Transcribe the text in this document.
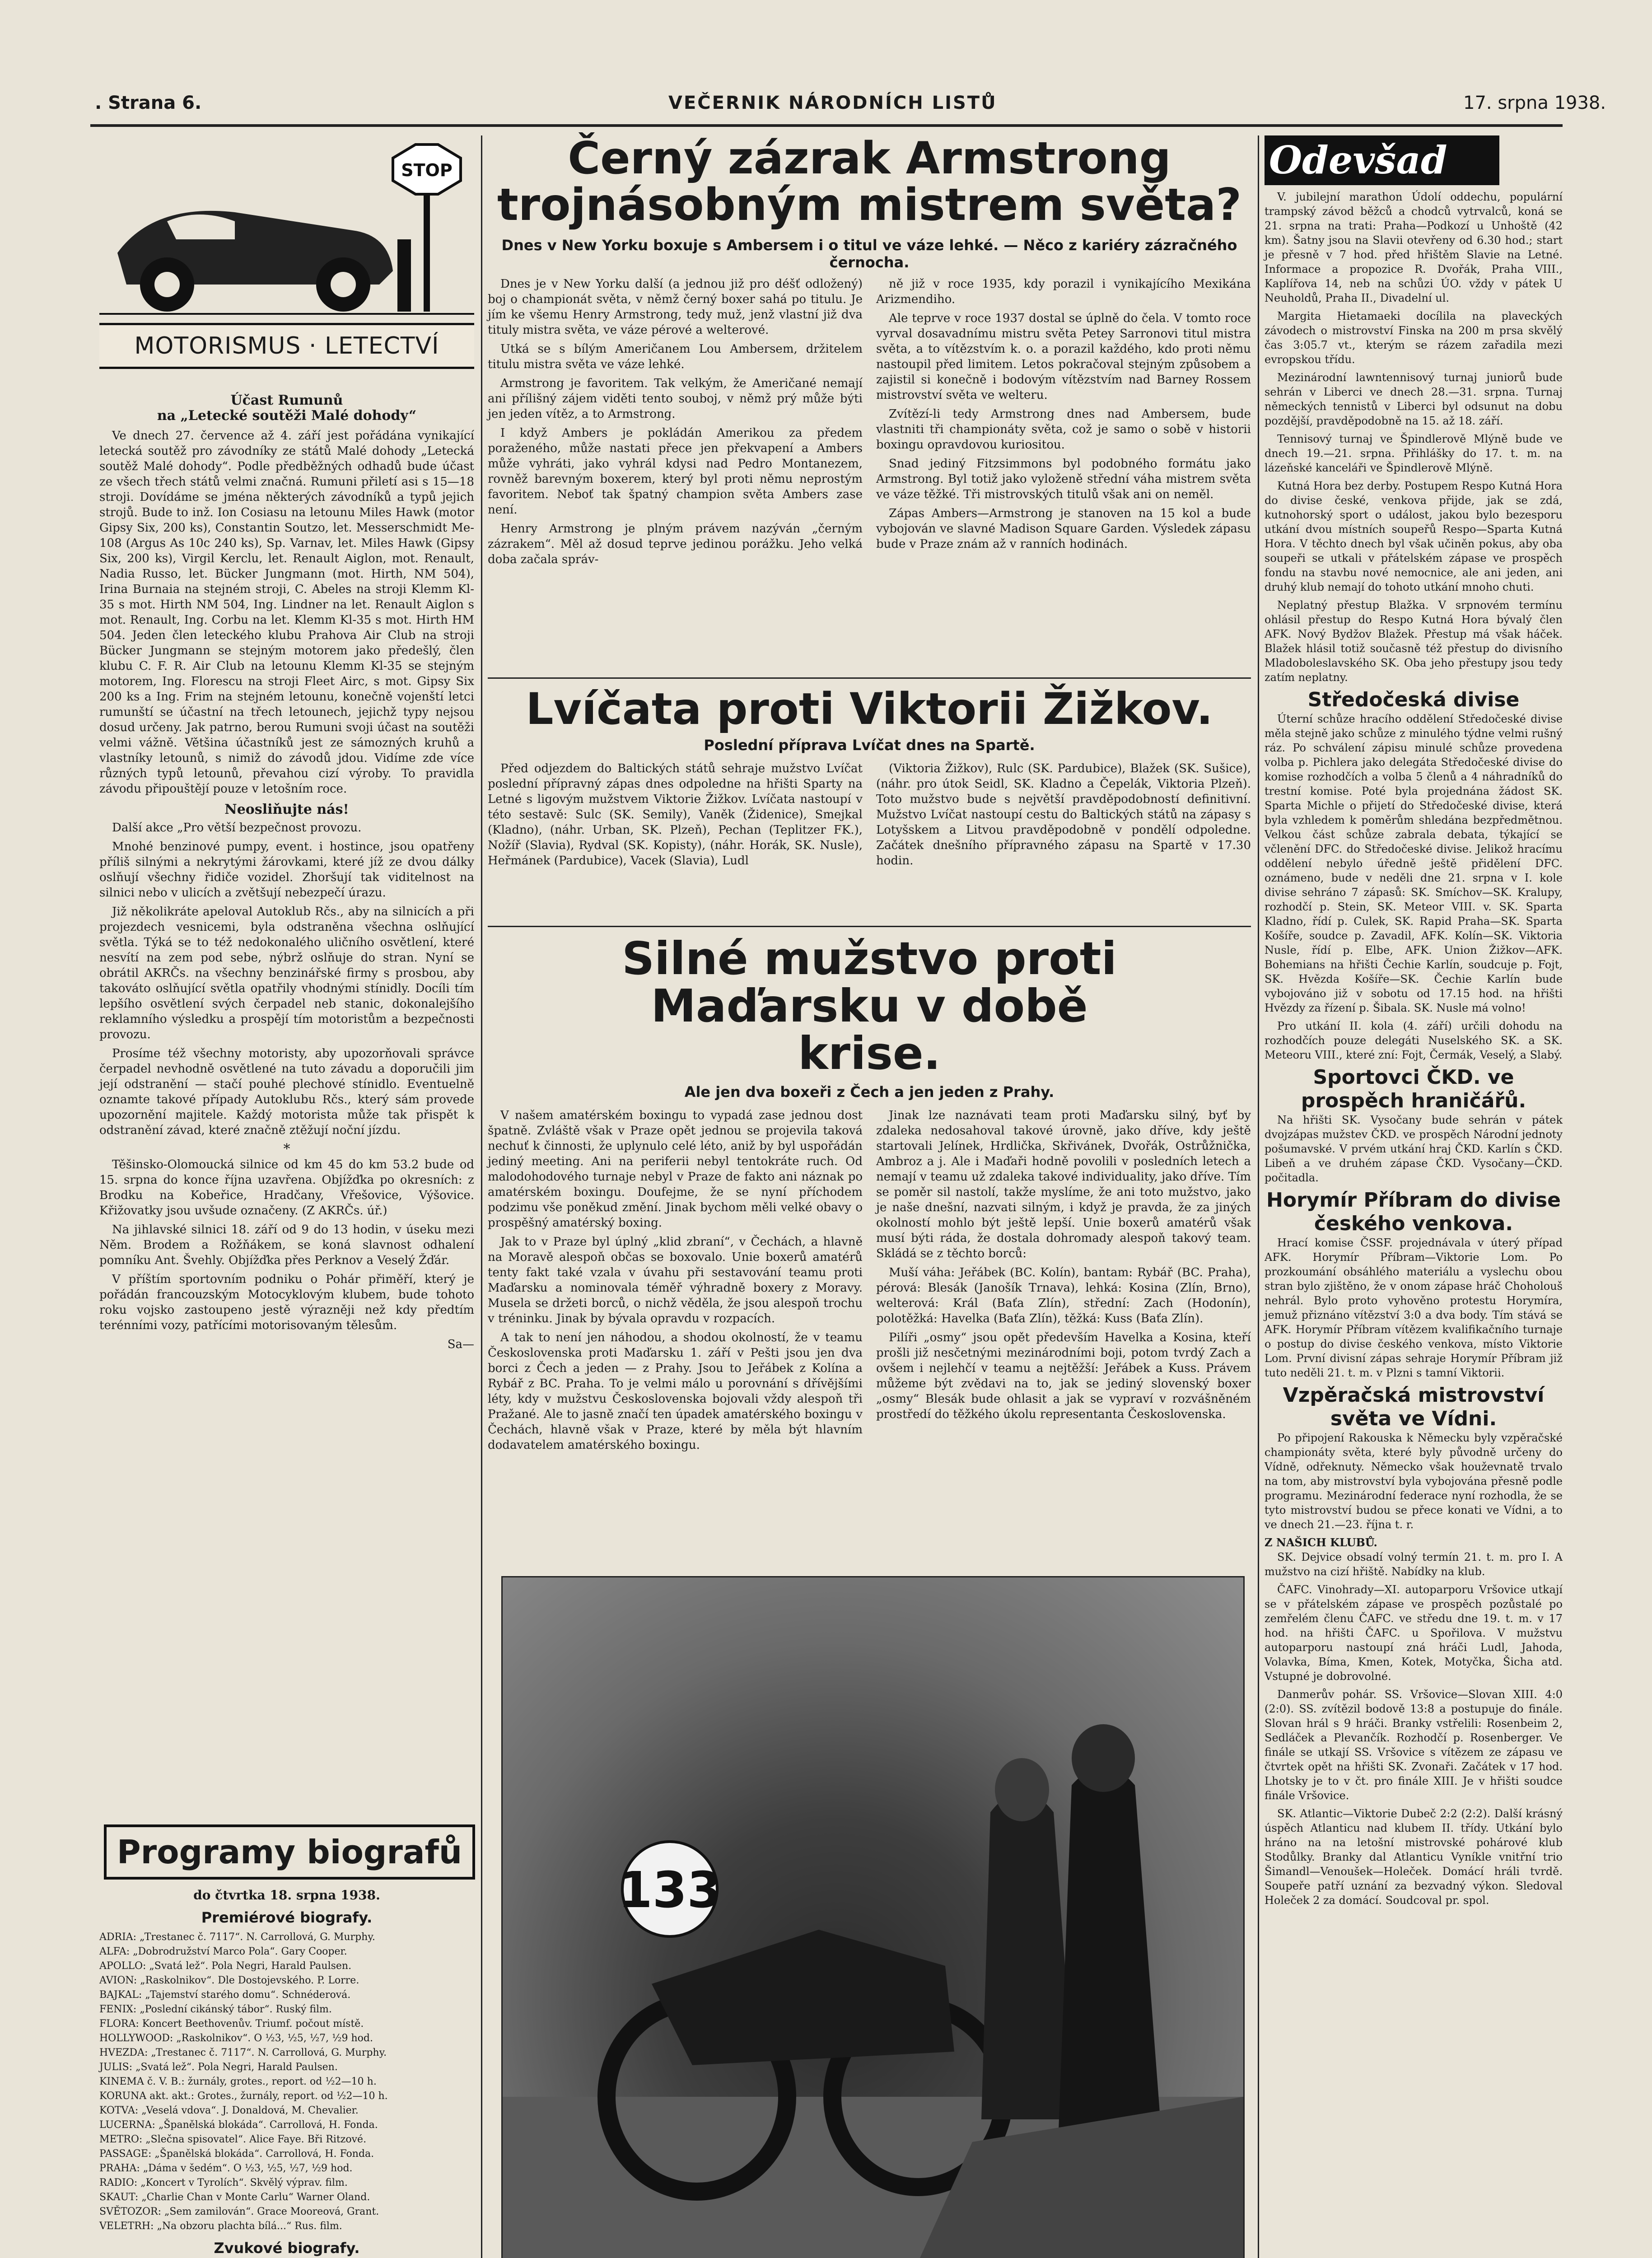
. Strana 6.	VEČERNIK NÁRODNÍCH LISTŮ	17. srpna 1938.
STOP
MOTORISMUS · LETECTVÍ
Účast Rumunů
na „Letecké soutěži Malé dohody“

Ve dnech 27. července až 4. září jest pořádána vynikající letecká soutěž pro závodníky ze států Malé dohody „Letecká soutěž Malé dohody“. Podle předběžných odhadů bude účast ze všech třech států velmi značná. Rumuni přiletí asi s 15—18 stroji. Dovídáme se jména některých závodníků a typů jejich strojů. Bude to inž. Ion Cosiasu na letounu Miles Hawk (motor Gipsy Six, 200 ks), Constantin Soutzo, let. Messerschmidt Me-108 (Argus As 10c 240 ks), Sp. Varnav, let. Miles Hawk (Gipsy Six, 200 ks), Virgil Kerclu, let. Renault Aiglon, mot. Renault, Nadia Russo, let. Bücker Jungmann (mot. Hirth, NM 504), Irina Burnaia na stejném stroji, C. Abeles na stroji Klemm Kl-35 s mot. Hirth NM 504, Ing. Lindner na let. Renault Aiglon s mot. Renault, Ing. Corbu na let. Klemm Kl-35 s mot. Hirth HM 504. Jeden člen leteckého klubu Prahova Air Club na stroji Bücker Jungmann se stejným motorem jako předešlý, člen klubu C. F. R. Air Club na letounu Klemm Kl-35 se stejným motorem, Ing. Florescu na stroji Fleet Airc, s mot. Gipsy Six 200 ks a Ing. Frim na stejném letounu, konečně vojenští letci rumunští se účastní na třech letounech, jejichž typy nejsou dosud určeny. Jak patrno, berou Rumuni svoji účast na soutěži velmi vážně. Většina účastníků jest ze sámozných kruhů a vlastníky letounů, s nimiž do závodů jdou. Vidíme zde více různých typů letounů, převahou cizí výroby. To pravidla závodu připouštějí pouze v letošním roce.

Neosliňujte nás!

Další akce „Pro větší bezpečnost provozu.

Mnohé benzinové pumpy, event. i hostince, jsou opatřeny příliš silnými a nekrytými žárovkami, které jíž ze dvou dálky oslňují všechny řidiče vozidel. Zhoršují tak viditelnost na silnici nebo v ulicích a zvětšují nebezpečí úrazu.

Již několikráte apeloval Autoklub Rčs., aby na silnicích a při projezdech vesnicemi, byla odstraněna všechna oslňující světla. Týká se to též nedokonalého uličního osvětlení, které nesvítí na zem pod sebe, nýbrž oslňuje do stran. Nyní se obrátil AKRČs. na všechny benzinářské firmy s prosbou, aby takováto oslňující světla opatřily vhodnými stínidly. Docíli tím lepšího osvětlení svých čerpadel neb stanic, dokonalejšího reklamního výsledku a prospějí tím motoristům a bezpečnosti provozu.

Prosíme též všechny motoristy, aby upozorňovali správce čerpadel nevhodně osvětlené na tuto závadu a doporučili jim její odstranění — stačí pouhé plechové stínidlo. Eventuelně oznamte takové případy Autoklubu Rčs., který sám provede upozornění majitele. Každý motorista může tak přispět k odstranění závad, které značně ztěžují noční jízdu.

*

Těšinsko-Olomoucká silnice od km 45 do km 53.2 bude od 15. srpna do konce října uzavřena. Objížďka po okresních: z Brodku na Kobeřice, Hradčany, Vřešovice, Výšovice. Křižovatky jsou uvšude označeny. (Z AKRČs. úř.)

Na jihlavské silnici 18. září od 9 do 13 hodin, v úseku mezi Něm. Brodem a Rožňákem, se koná slavnost odhalení pomníku Ant. Švehly. Objížďka přes Perknov a Veselý Žďár.

V příštím sportovním podniku o Pohár přiměří, který je pořádán francouzským Motocyklovým klubem, bude tohoto roku vojsko zastoupeno jestě výrazněji než kdy předtím terénními vozy, patřícími motorisovaným tělesům.

Sa—
Programy biografů
do čtvrtka 18. srpna 1938.
Premiérové biografy.
ADRIA: „Trestanec č. 7117“. N. Carrollová, G. Murphy.
ALFA: „Dobrodružství Marco Pola“. Gary Cooper.
APOLLO: „Svatá lež“. Pola Negri, Harald Paulsen.
AVION: „Raskolnikov“. Dle Dostojevského. P. Lorre.
BAJKAL: „Tajemství starého domu“. Schnéderová.
FENIX: „Poslední cikánský tábor“. Ruský film.
FLORA: Koncert Beethovenův. Triumf. počout místě.
HOLLYWOOD: „Raskolnikov“. O ½3, ½5, ½7, ½9 hod.
HVEZDA: „Trestanec č. 7117“. N. Carrollová, G. Murphy.
JULIS: „Svatá lež“. Pola Negri, Harald Paulsen.
KINEMA č. V. B.: žurnály, grotes., report. od ½2—10 h.
KORUNA akt. akt.: Grotes., žurnály, report. od ½2—10 h.
KOTVA: „Veselá vdova“. J. Donaldová, M. Chevalier.
LUCERNA: „Španělská blokáda“. Carrollová, H. Fonda.
METRO: „Slečna spisovatel“. Alice Faye. Bři Ritzové.
PASSAGE: „Španělská blokáda“. Carrollová, H. Fonda.
PRAHA: „Dáma v šedém“. O ½3, ½5, ½7, ½9 hod.
RADIO: „Koncert v Tyrolích“. Skvělý výprav. film.
SKAUT: „Charlie Chan v Monte Carlu“ Warner Oland.
SVĚTOZOR: „Sem zamilován“. Grace Mooreová, Grant.
VELETRH: „Na obzoru plachta bílá...“ Rus. film.
Zvukové biografy.
Černý zázrak Armstrong trojnásobným mistrem světa?
Dnes v New Yorku boxuje s Ambersem i o titul ve váze lehké. — Něco z kariéry zázračného černocha.

Dnes je v New Yorku další (a jednou již pro déšť odložený) boj o championát světa, v němž černý boxer sahá po titulu. Je jím ke všemu Henry Armstrong, tedy muž, jenž vlastní již dva tituly mistra světa, ve váze pérové a welterové.

Utká se s bílým Američanem Lou Ambersem, držitelem titulu mistra světa ve váze lehké.

Armstrong je favoritem. Tak velkým, že Američané nemají ani přílišný zájem viděti tento souboj, v němž prý může býti jen jeden vítěz, a to Armstrong.

I když Ambers je pokládán Amerikou za předem poraženého, může nastati přece jen překvapení a Ambers může vyhráti, jako vyhrál kdysi nad Pedro Montanezem, rovněž barevným boxerem, který byl proti němu neprostým favoritem. Neboť tak špatný champion světa Ambers zase není.

Henry Armstrong je plným právem nazýván „černým zázrakem“. Měl až dosud teprve jedinou porážku. Jeho velká doba začala správ-

ně již v roce 1935, kdy porazil i vynikajícího Mexikána Arizmendiho.

Ale teprve v roce 1937 dostal se úplně do čela. V tomto roce vyrval dosavadnímu mistru světa Petey Sarronovi titul mistra světa, a to vítězstvím k. o. a porazil každého, kdo proti němu nastoupil před limitem. Letos pokračoval stejným způsobem a zajistil si konečně i bodovým vítězstvím nad Barney Rossem mistrovství světa ve welteru.

Zvítězí-li tedy Armstrong dnes nad Ambersem, bude vlastniti tři championáty světa, což je samo o sobě v historii boxingu opravdovou kuriositou.

Snad jediný Fitzsimmons byl podobného formátu jako Armstrong. Byl totiž jako vyloženě střední váha mistrem světa ve váze těžké. Tři mistrovských titulů však ani on neměl.

Zápas Ambers—Armstrong je stanoven na 15 kol a bude vybojován ve slavné Madison Square Garden. Výsledek zápasu bude v Praze znám až v ranních hodinách.

Lvíčata proti Viktorii Žižkov.
Poslední příprava Lvíčat dnes na Spartě.

Před odjezdem do Baltických států sehraje mužstvo Lvíčat poslední přípravný zápas dnes odpoledne na hřišti Sparty na Letné s ligovým mužstvem Viktorie Žižkov. Lvíčata nastoupí v této sestavě: Sulc (SK. Semily), Vaněk (Židenice), Smejkal (Kladno), (náhr. Urban, SK. Plzeň), Pechan (Teplitzer FK.), Nožíř (Slavia), Rydval (SK. Kopisty), (náhr. Horák, SK. Nusle), Heřmánek (Pardubice), Vacek (Slavia), Ludl

(Viktoria Žižkov), Rulc (SK. Pardubice), Blažek (SK. Sušice), (náhr. pro útok Seidl, SK. Kladno a Čepelák, Viktoria Plzeň). Toto mužstvo bude s největší pravděpodobností definitivní. Mužstvo Lvíčat nastoupí cestu do Baltických států na zápasy s Lotyšskem a Litvou pravděpodobně v pondělí odpoledne. Začátek dnešního přípravného zápasu na Spartě v 17.30 hodin.

Silné mužstvo proti Maďarsku v době krise.
Ale jen dva boxeři z Čech a jen jeden z Prahy.

V našem amatérském boxingu to vypadá zase jednou dost špatně. Zvláště však v Praze opět jednou se projevila taková nechuť k činnosti, že uplynulo celé léto, aniž by byl uspořádán jediný meeting. Ani na periferii nebyl tentokráte ruch. Od malodohodového turnaje nebyl v Praze de fakto ani náznak po amatérském boxingu. Doufejme, že se nyní příchodem podzimu vše poněkud změní. Jinak bychom měli velké obavy o prospěšný amatérský boxing.

Jak to v Praze byl úplný „klid zbraní“, v Čechách, a hlavně na Moravě alespoň občas se boxovalo. Unie boxerů amatérů tenty fakt také vzala v úvahu při sestavování teamu proti Maďarsku a nominovala téměř výhradně boxery z Moravy. Musela se držeti borců, o nichž věděla, že jsou alespoň trochu v tréninku. Jinak by bývala opravdu v rozpacích.

A tak to není jen náhodou, a shodou okolností, že v teamu Československa proti Maďarsku 1. září v Pešti jsou jen dva borci z Čech a jeden — z Prahy. Jsou to Jeřábek z Kolína a Rybář z BC. Praha. To je velmi málo u porovnání s dřívějšími léty, kdy v mužstvu Československa bojovali vždy alespoň tři Pražané. Ale to jasně značí ten úpadek amatérského boxingu v Čechách, hlavně však v Praze, které by měla být hlavním dodavatelem amatérského boxingu.

Jinak lze naznávati team proti Maďarsku silný, byť by zdaleka nedosahoval takové úrovně, jako dříve, kdy ještě startovali Jelínek, Hrdlička, Skřivánek, Dvořák, Ostrůžnička, Ambroz a j. Ale i Maďaři hodně povolili v posledních letech a nemají v teamu už zdaleka takové individuality, jako dříve. Tím se poměr sil nastolí, takže myslíme, že ani toto mužstvo, jako je naše dnešní, nazvati silným, i když je pravda, že za jiných okolností mohlo být ještě lepší. Unie boxerů amatérů však musí býti ráda, že dostala dohromady alespoň takový team. Skládá se z těchto borců:

Muší váha: Jeřábek (BC. Kolín), bantam: Rybář (BC. Praha), pérová: Blesák (Janošík Trnava), lehká: Kosina (Zlín, Brno), welterová: Král (Baťa Zlín), střední: Zach (Hodonín), polotěžká: Havelka (Baťa Zlín), těžká: Kuss (Baťa Zlín).

Pilíři „osmy“ jsou opět především Havelka a Kosina, kteří prošli již nesčetnými mezinárodními boji, potom tvrdý Zach a ovšem i nejlehčí v teamu a nejtěžší: Jeřábek a Kuss. Právem můžeme být zvědavi na to, jak se jediný slovenský boxer „osmy“ Blesák bude ohlasit a jak se vypraví v rozvášněném prostředí do těžkého úkolu representanta Československa.

133
Odevšad

V. jubilejní marathon Údolí oddechu, populární trampský závod běžců a chodců vytrvalců, koná se 21. srpna na trati: Praha—Podkozí u Unhoště (42 km). Šatny jsou na Slavii otevřeny od 6.30 hod.; start je přesně v 7 hod. před hřištěm Slavie na Letné. Informace a propozice R. Dvořák, Praha VIII., Kaplířova 14, neb na schůzi ÚO. vždy v pátek U Neuholdů, Praha II., Divadelní ul.

Margita Hietamaeki docílila na plaveckých závodech o mistrovství Finska na 200 m prsa skvělý čas 3:05.7 vt., kterým se rázem zařadila mezi evropskou třídu.

Mezinárodní lawntennisový turnaj juniorů bude sehrán v Liberci ve dnech 28.—31. srpna. Turnaj německých tennistů v Liberci byl odsunut na dobu pozdější, pravděpodobně na 15. až 18. září.

Tennisový turnaj ve Špindlerově Mlýně bude ve dnech 19.—21. srpna. Přihlášky do 17. t. m. na lázeňské kanceláři ve Špindlerově Mlýně.

Kutná Hora bez derby. Postupem Respo Kutná Hora do divise české, venkova přijde, jak se zdá, kutnohorský sport o událost, jakou bylo bezesporu utkání dvou místních soupeřů Respo—Sparta Kutná Hora. V těchto dnech byl však učiněn pokus, aby oba soupeři se utkali v přátelském zápase ve prospěch fondu na stavbu nové nemocnice, ale ani jeden, ani druhý klub nemají do tohoto utkání mnoho chuti.

Neplatný přestup Blažka. V srpnovém termínu ohlásil přestup do Respo Kutná Hora bývalý člen AFK. Nový Bydžov Blažek. Přestup má však háček. Blažek hlásil totiž současně též přestup do divisního Mladoboleslavského SK. Oba jeho přestupy jsou tedy zatím neplatny.

Středočeská divise

Úterní schůze hracího oddělení Středočeské divise měla stejně jako schůze z minulého týdne velmi rušný ráz. Po schválení zápisu minulé schůze provedena volba p. Pichlera jako delegáta Středočeské divise do komise rozhodčích a volba 5 členů a 4 náhradníků do trestní komise. Poté byla projednána žádost SK. Sparta Michle o přijetí do Středočeské divise, která byla vzhledem k poměrům shledána bezpředmětnou. Velkou část schůze zabrala debata, týkající se včlenění DFC. do Středočeské divise. Jelikož hracímu oddělení nebylo úředně ještě přidělení DFC. oznámeno, bude v neděli dne 21. srpna v I. kole divise sehráno 7 zápasů: SK. Smíchov—SK. Kralupy, rozhodčí p. Stein, SK. Meteor VIII. v. SK. Sparta Kladno, řídí p. Culek, SK. Rapid Praha—SK. Sparta Košíře, soudce p. Zavadil, AFK. Kolín—SK. Viktoria Nusle, řídí p. Elbe, AFK. Union Žižkov—AFK. Bohemians na hřišti Čechie Karlín, soudcuje p. Fojt, SK. Hvězda Košíře—SK. Čechie Karlín bude vybojováno již v sobotu od 17.15 hod. na hřišti Hvězdy za řízení p. Šibala. SK. Nusle má volno!

Pro utkání II. kola (4. září) určili dohodu na rozhodčích pouze delegáti Nuselského SK. a SK. Meteoru VIII., které zní: Fojt, Čermák, Veselý, a Slabý.

Sportovci ČKD. ve prospěch hraničářů.

Na hřišti SK. Vysočany bude sehrán v pátek dvojzápas mužstev ČKD. ve prospěch Národní jednoty pošumavské. V prvém utkání hraj ČKD. Karlín s ČKD. Libeň a ve druhém zápase ČKD. Vysočany—ČKD. počitadla.

Horymír Příbram do divise českého venkova.

Hrací komise ČSSF. projednávala v úterý případ AFK. Horymír Příbram—Viktorie Lom. Po prozkoumání obsáhlého materiálu a vyslechu obou stran bylo zjištěno, že v onom zápase hráč Choholouš nehrál. Bylo proto vyhověno protestu Horymíra, jemuž přiznáno vítězství 3:0 a dva body. Tím stává se AFK. Horymír Příbram vítězem kvalifikačního turnaje o postup do divise českého venkova, místo Viktorie Lom. První divisní zápas sehraje Horymír Příbram již tuto neděli 21. t. m. v Plzni s tamní Viktorii.

Vzpěračská mistrovství světa ve Vídni.

Po připojení Rakouska k Německu byly vzpěračské championáty světa, které byly původně určeny do Vídně, odřeknuty. Německo však houževnatě trvalo na tom, aby mistrovství byla vybojována přesně podle programu. Mezinárodní federace nyní rozhodla, že se tyto mistrovství budou se přece konati ve Vídni, a to ve dnech 21.—23. října t. r.

Z NAŠICH KLUBŮ.

SK. Dejvice obsadí volný termín 21. t. m. pro I. A mužstvo na cizí hřiště. Nabídky na klub.

ČAFC. Vinohrady—XI. autoparporu Vršovice utkají se v přátelském zápase ve prospěch pozůstalé po zemřelém členu ČAFC. ve středu dne 19. t. m. v 17 hod. na hřišti ČAFC. u Spořilova. V mužstvu autoparporu nastoupí zná hráči Ludl, Jahoda, Volavka, Bíma, Kmen, Kotek, Motyčka, Šicha atd. Vstupné je dobrovolné.

Danmerův pohár. SS. Vršovice—Slovan XIII. 4:0 (2:0). SS. zvítězil bodově 13:8 a postupuje do finále. Slovan hrál s 9 hráči. Branky vstřelili: Rosenbeim 2, Sedláček a Plevančík. Rozhodčí p. Rosenberger. Ve finále se utkají SS. Vršovice s vítězem ze zápasu ve čtvrtek opět na hřišti SK. Zvonaři. Začátek v 17 hod. Lhotsky je to v čt. pro finále XIII. Je v hřišti soudce finále Vršovice.

SK. Atlantic—Viktorie Dubeč 2:2 (2:2). Další krásný úspěch Atlanticu nad klubem II. třídy. Utkání bylo hráno na na letošní mistrovské pohárové klub Stodůlky. Branky dal Atlanticu Vyníkle vnitřní trio Šimandl—Venoušek—Holeček. Domácí hráli tvrdě. Soupeře patří uznání za bezvadný výkon. Sledoval Holeček 2 za domácí. Soudcoval pr. spol.
